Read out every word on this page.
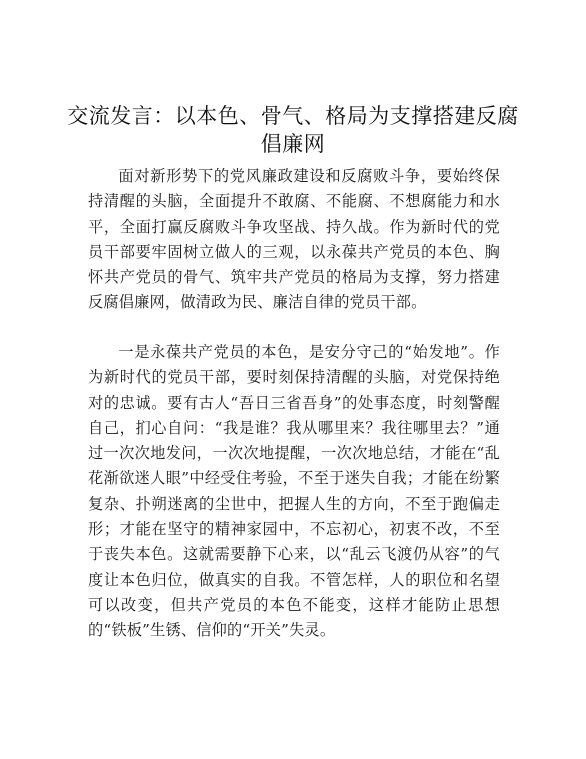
交流发言：以本色、骨气、格局为支撑搭建反腐倡廉网

面对新形势下的党风廉政建设和反腐败斗争，要始终保持清醒的头脑，全面提升不敢腐、不能腐、不想腐能力和水平，全面打赢反腐败斗争攻坚战、持久战。作为新时代的党员干部要牢固树立做人的三观，以永葆共产党员的本色、胸怀共产党员的骨气、筑牢共产党员的格局为支撑，努力搭建反腐倡廉网，做清政为民、廉洁自律的党员干部。

一是永葆共产党员的本色，是安分守己的“始发地”。作为新时代的党员干部，要时刻保持清醒的头脑，对党保持绝对的忠诚。要有古人“吾日三省吾身”的处事态度，时刻警醒自己，扪心自问：“我是谁？我从哪里来？我往哪里去？”通过一次次地发问，一次次地提醒，一次次地总结，才能在“乱花渐欲迷人眼”中经受住考验，不至于迷失自我；才能在纷繁复杂、扑朔迷离的尘世中，把握人生的方向，不至于跑偏走形；才能在坚守的精神家园中，不忘初心，初衷不改，不至于丧失本色。这就需要静下心来，以“乱云飞渡仍从容”的气度让本色归位，做真实的自我。不管怎样，人的职位和名望可以改变，但共产党员的本色不能变，这样才能防止思想的“铁板”生锈、信仰的“开关”失灵。
